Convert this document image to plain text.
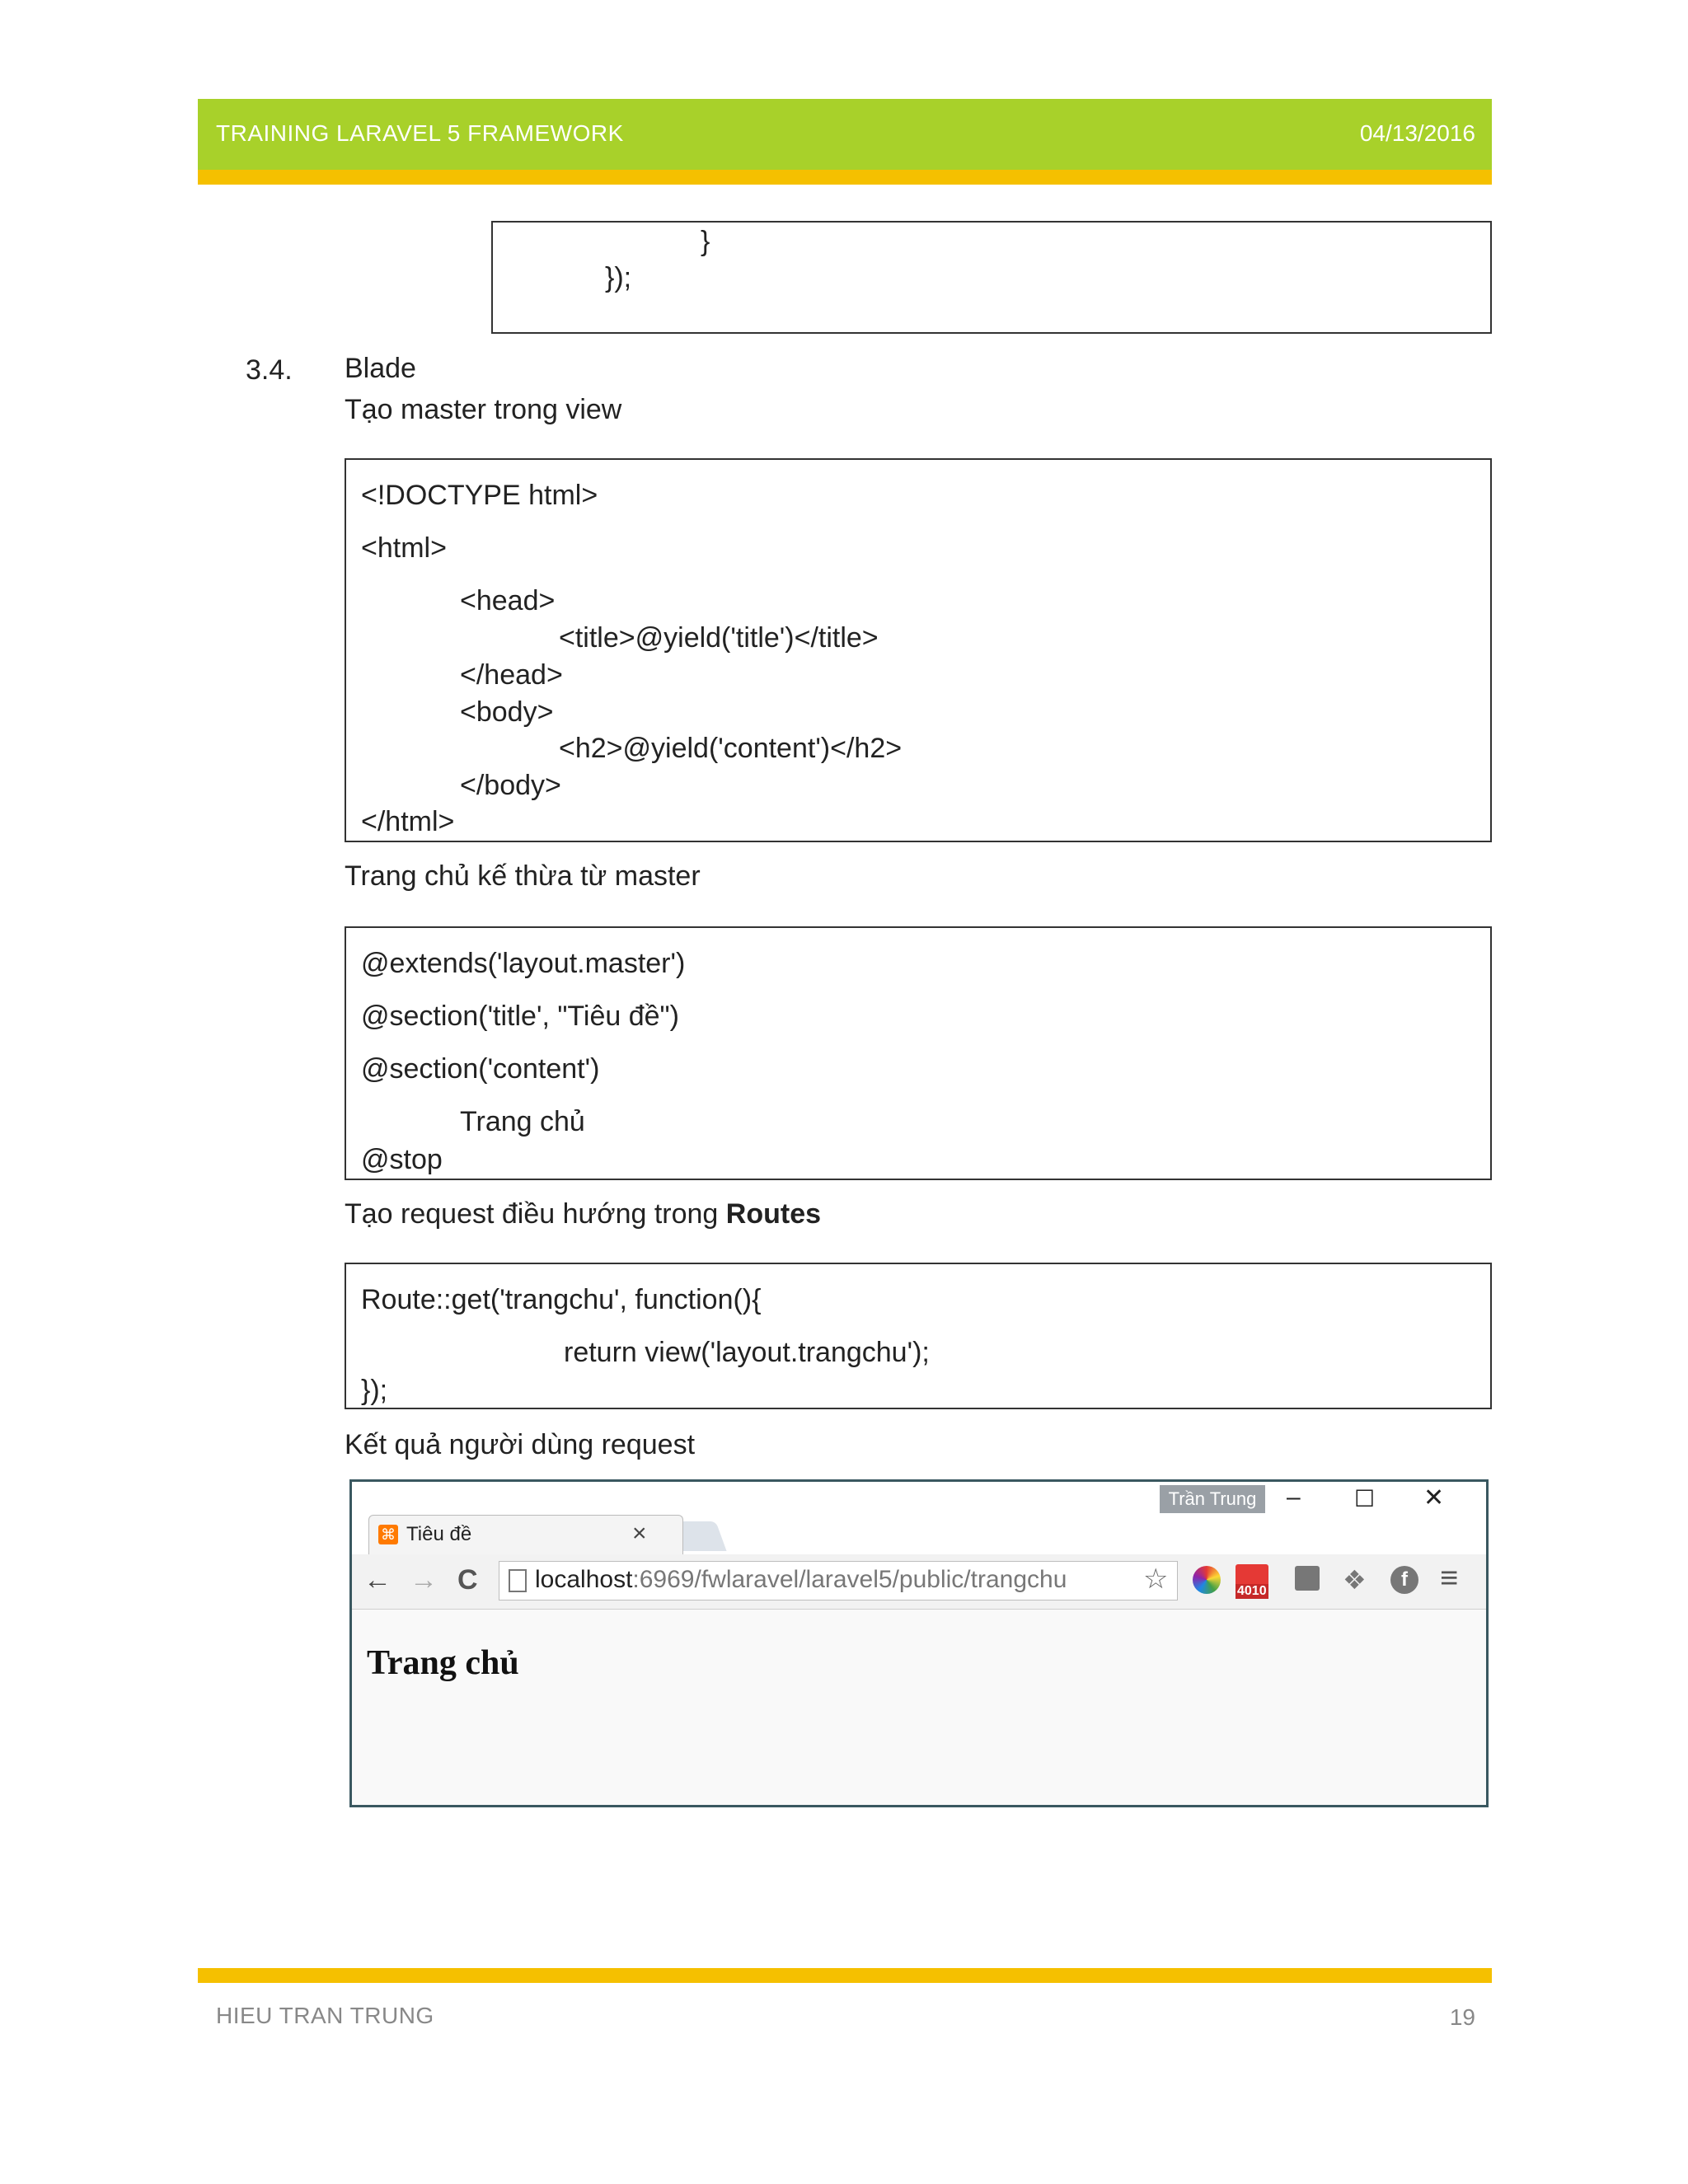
TRAINING LARAVEL 5 FRAMEWORK	04/13/2016
}
});
3.4. Blade
Tạo master trong view
<!DOCTYPE html>
<html>
<head>
<title>@yield('title')</title>
</head>
<body>
<h2>@yield('content')</h2>
</body>
</html>
Trang chủ kế thừa từ master
@extends('layout.master')
@section('title', "Tiêu đề")
@section('content')
Trang chủ
@stop
Tạo request điều hướng trong Routes
Route::get('trangchu', function(){
return view('layout.trangchu');
});
Kết quả người dùng request
Trần Trung	– ☐ ✕
⌘ Tiêu đề	×
← → C localhost:6969/fwlaravel/laravel5/public/trangchu	☆	4010	❖	f	≡
Trang chủ
HIEU TRAN TRUNG	19
